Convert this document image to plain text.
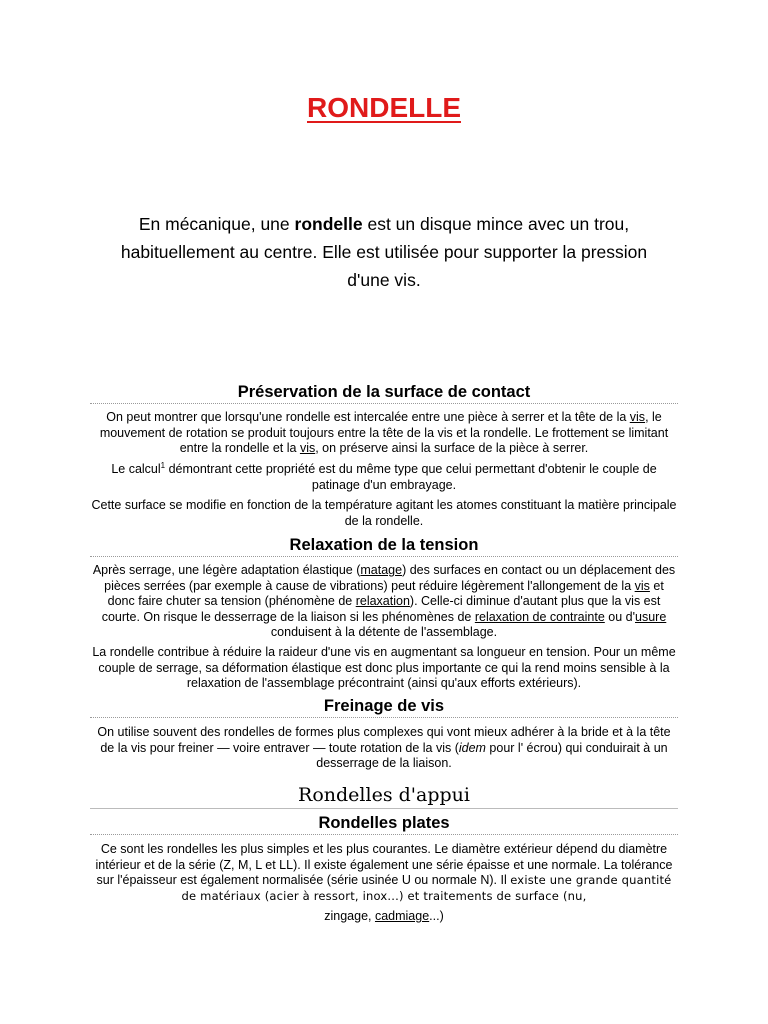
RONDELLE

En mécanique, une rondelle est un disque mince avec un trou, habituellement au centre. Elle est utilisée pour supporter la pression d'une vis.

Préservation de la surface de contact

On peut montrer que lorsqu'une rondelle est intercalée entre une pièce à serrer et la tête de la vis, le mouvement de rotation se produit toujours entre la tête de la vis et la rondelle. Le frottement se limitant entre la rondelle et la vis, on préserve ainsi la surface de la pièce à serrer.

Le calcul$^1$ démontrant cette propriété est du même type que celui permettant d'obtenir le couple de patinage d'un embrayage.

Cette surface se modifie en fonction de la température agitant les atomes constituant la matière principale de la rondelle.

Relaxation de la tension

Après serrage, une légère adaptation élastique (matage) des surfaces en contact ou un déplacement des pièces serrées (par exemple à cause de vibrations) peut réduire légèrement l'allongement de la vis et donc faire chuter sa tension (phénomène de relaxation). Celle-ci diminue d'autant plus que la vis est courte. On risque le desserrage de la liaison si les phénomènes de relaxation de contrainte ou d'usure conduisent à la détente de l'assemblage.

La rondelle contribue à réduire la raideur d'une vis en augmentant sa longueur en tension. Pour un même couple de serrage, sa déformation élastique est donc plus importante ce qui la rend moins sensible à la relaxation de l'assemblage précontraint (ainsi qu'aux efforts extérieurs).

Freinage de vis

On utilise souvent des rondelles de formes plus complexes qui vont mieux adhérer à la bride et à la tête de la vis pour freiner — voire entraver — toute rotation de la vis (idem pour l' écrou) qui conduirait à un desserrage de la liaison.

Rondelles d'appui
Rondelles plates

Ce sont les rondelles les plus simples et les plus courantes. Le diamètre extérieur dépend du diamètre intérieur et de la série (Z, M, L et LL). Il existe également une série épaisse et une normale. La tolérance sur l'épaisseur est également normalisée (série usinée U ou normale N). Il existe une grande quantité de matériaux (acier à ressort, inox...) et traitements de surface (nu,
zingage, cadmiage...)
